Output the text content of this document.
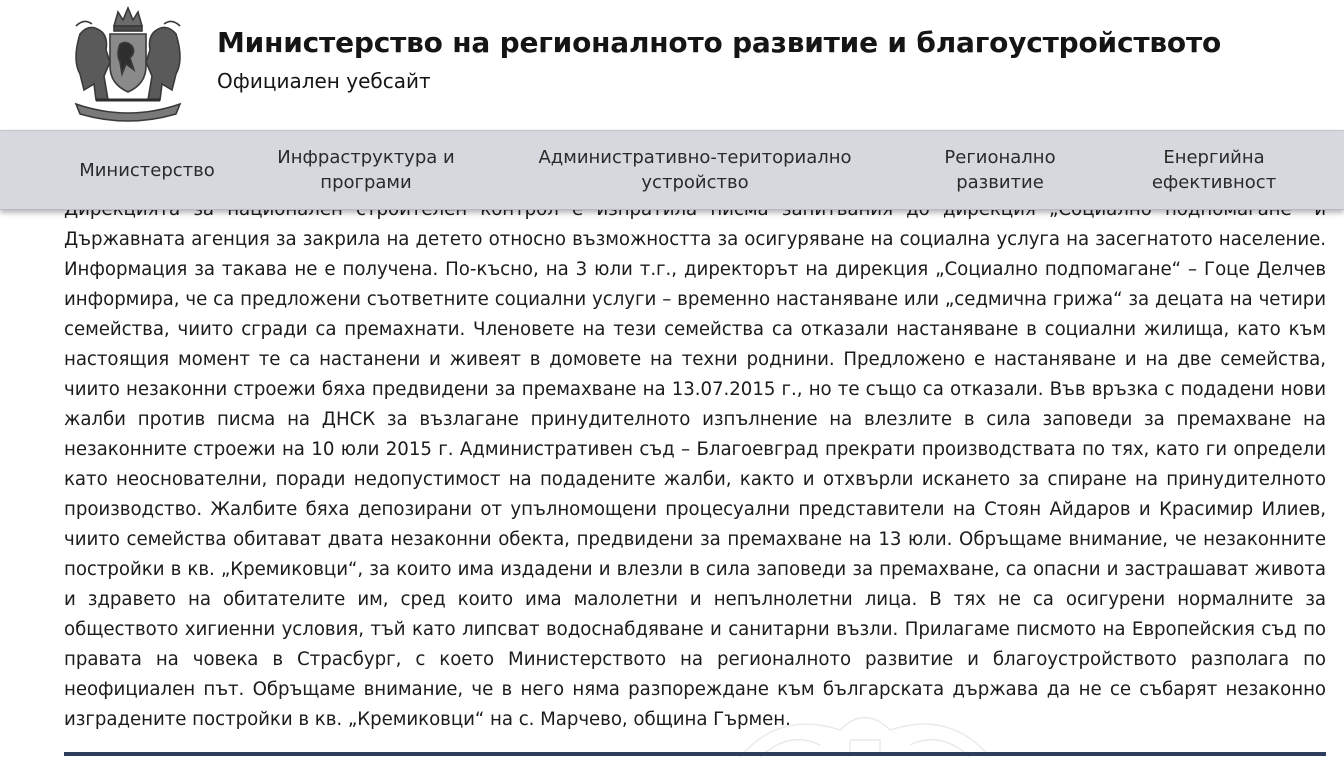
Министерство на регионалното развитие и благоустройството
Официален уебсайт

Държавната агенция за закрила на детето относно възможността за осигуряване на социална услуга на засегнатото население. Информация за такава не е получена. По-късно, на 3 юли т.г., директорът на дирекция „Социално подпомагане“ – Гоце Делчев информира, че са предложени съответните социални услуги – временно настаняване или „седмична грижа“ за децата на четири семейства, чиито сгради са премахнати. Членовете на тези семейства са отказали настаняване в социални жилища, като към настоящия момент те са настанени и живеят в домовете на техни роднини. Предложено е настаняване и на две семейства, чиито незаконни строежи бяха предвидени за премахване на 13.07.2015 г., но те също са отказали. Във връзка с подадени нови жалби против писма на ДНСК за възлагане принудителното изпълнение на влезлите в сила заповеди за премахване на незаконните строежи на 10 юли 2015 г. Административен съд – Благоевград прекрати производствата по тях, като ги определи като неоснователни, поради недопустимост на подадените жалби, както и отхвърли искането за спиране на принудителното производство. Жалбите бяха депозирани от упълномощени процесуални представители на Стоян Айдаров и Красимир Илиев, чиито семейства обитават двата незаконни обекта, предвидени за премахване на 13 юли. Обръщаме внимание, че незаконните постройки в кв. „Кремиковци“, за които има издадени и влезли в сила заповеди за премахване, са опасни и застрашават живота и здравето на обитателите им, сред които има малолетни и непълнолетни лица. В тях не са осигурени нормалните за обществото хигиенни условия, тъй като липсват водоснабдяване и санитарни възли. Прилагаме писмото на Европейския съд по правата на човека в Страсбург, с което Министерството на регионалното развитие и благоустройството разполага по неофициален път. Обръщаме внимание, че в него няма разпореждане към българската държава да не се събарят незаконно изградените постройки в кв. „Кремиковци“ на с. Марчево, община Гърмен.

Министерство
Инфраструктура и програми
Административно-териториално устройство
Регионално развитие
Енергийна ефективност
